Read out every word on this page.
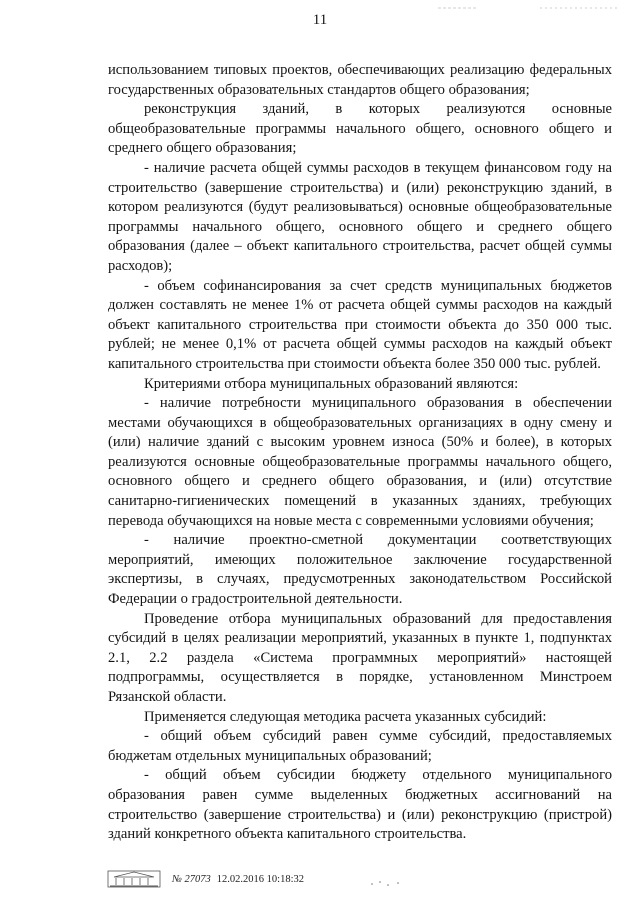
11

использованием типовых проектов, обеспечивающих реализацию федеральных государственных образовательных стандартов общего образования;

реконструкция зданий, в которых реализуются основные общеобразовательные программы начального общего, основного общего и среднего общего образования;

- наличие расчета общей суммы расходов в текущем финансовом году на строительство (завершение строительства) и (или) реконструкцию зданий, в котором реализуются (будут реализовываться) основные общеобразовательные программы начального общего, основного общего и среднего общего образования (далее – объект капитального строительства, расчет общей суммы расходов);

- объем софинансирования за счет средств муниципальных бюджетов должен составлять не менее 1% от расчета общей суммы расходов на каждый объект капитального строительства при стоимости объекта до 350 000 тыс. рублей; не менее 0,1% от расчета общей суммы расходов на каждый объект капитального строительства при стоимости объекта более 350 000 тыс. рублей.

Критериями отбора муниципальных образований являются:

- наличие потребности муниципального образования в обеспечении местами обучающихся в общеобразовательных организациях в одну смену и (или) наличие зданий с высоким уровнем износа (50% и более), в которых реализуются основные общеобразовательные программы начального общего, основного общего и среднего общего образования, и (или) отсутствие санитарно-гигиенических помещений в указанных зданиях, требующих перевода обучающихся на новые места с современными условиями обучения;

- наличие проектно-сметной документации соответствующих мероприятий, имеющих положительное заключение государственной экспертизы, в случаях, предусмотренных законодательством Российской Федерации о градостроительной деятельности.

Проведение отбора муниципальных образований для предоставления субсидий в целях реализации мероприятий, указанных в пункте 1, подпунктах 2.1, 2.2 раздела «Система программных мероприятий» настоящей подпрограммы, осуществляется в порядке, установленном Минстроем Рязанской области.

Применяется следующая методика расчета указанных субсидий:

- общий объем субсидий равен сумме субсидий, предоставляемых бюджетам отдельных муниципальных образований;

- общий объем субсидии бюджету отдельного муниципального образования равен сумме выделенных бюджетных ассигнований на строительство (завершение строительства) и (или) реконструкцию (пристрой) зданий конкретного объекта капитального строительства.

№ 27073 12.02.2016 10:18:32
